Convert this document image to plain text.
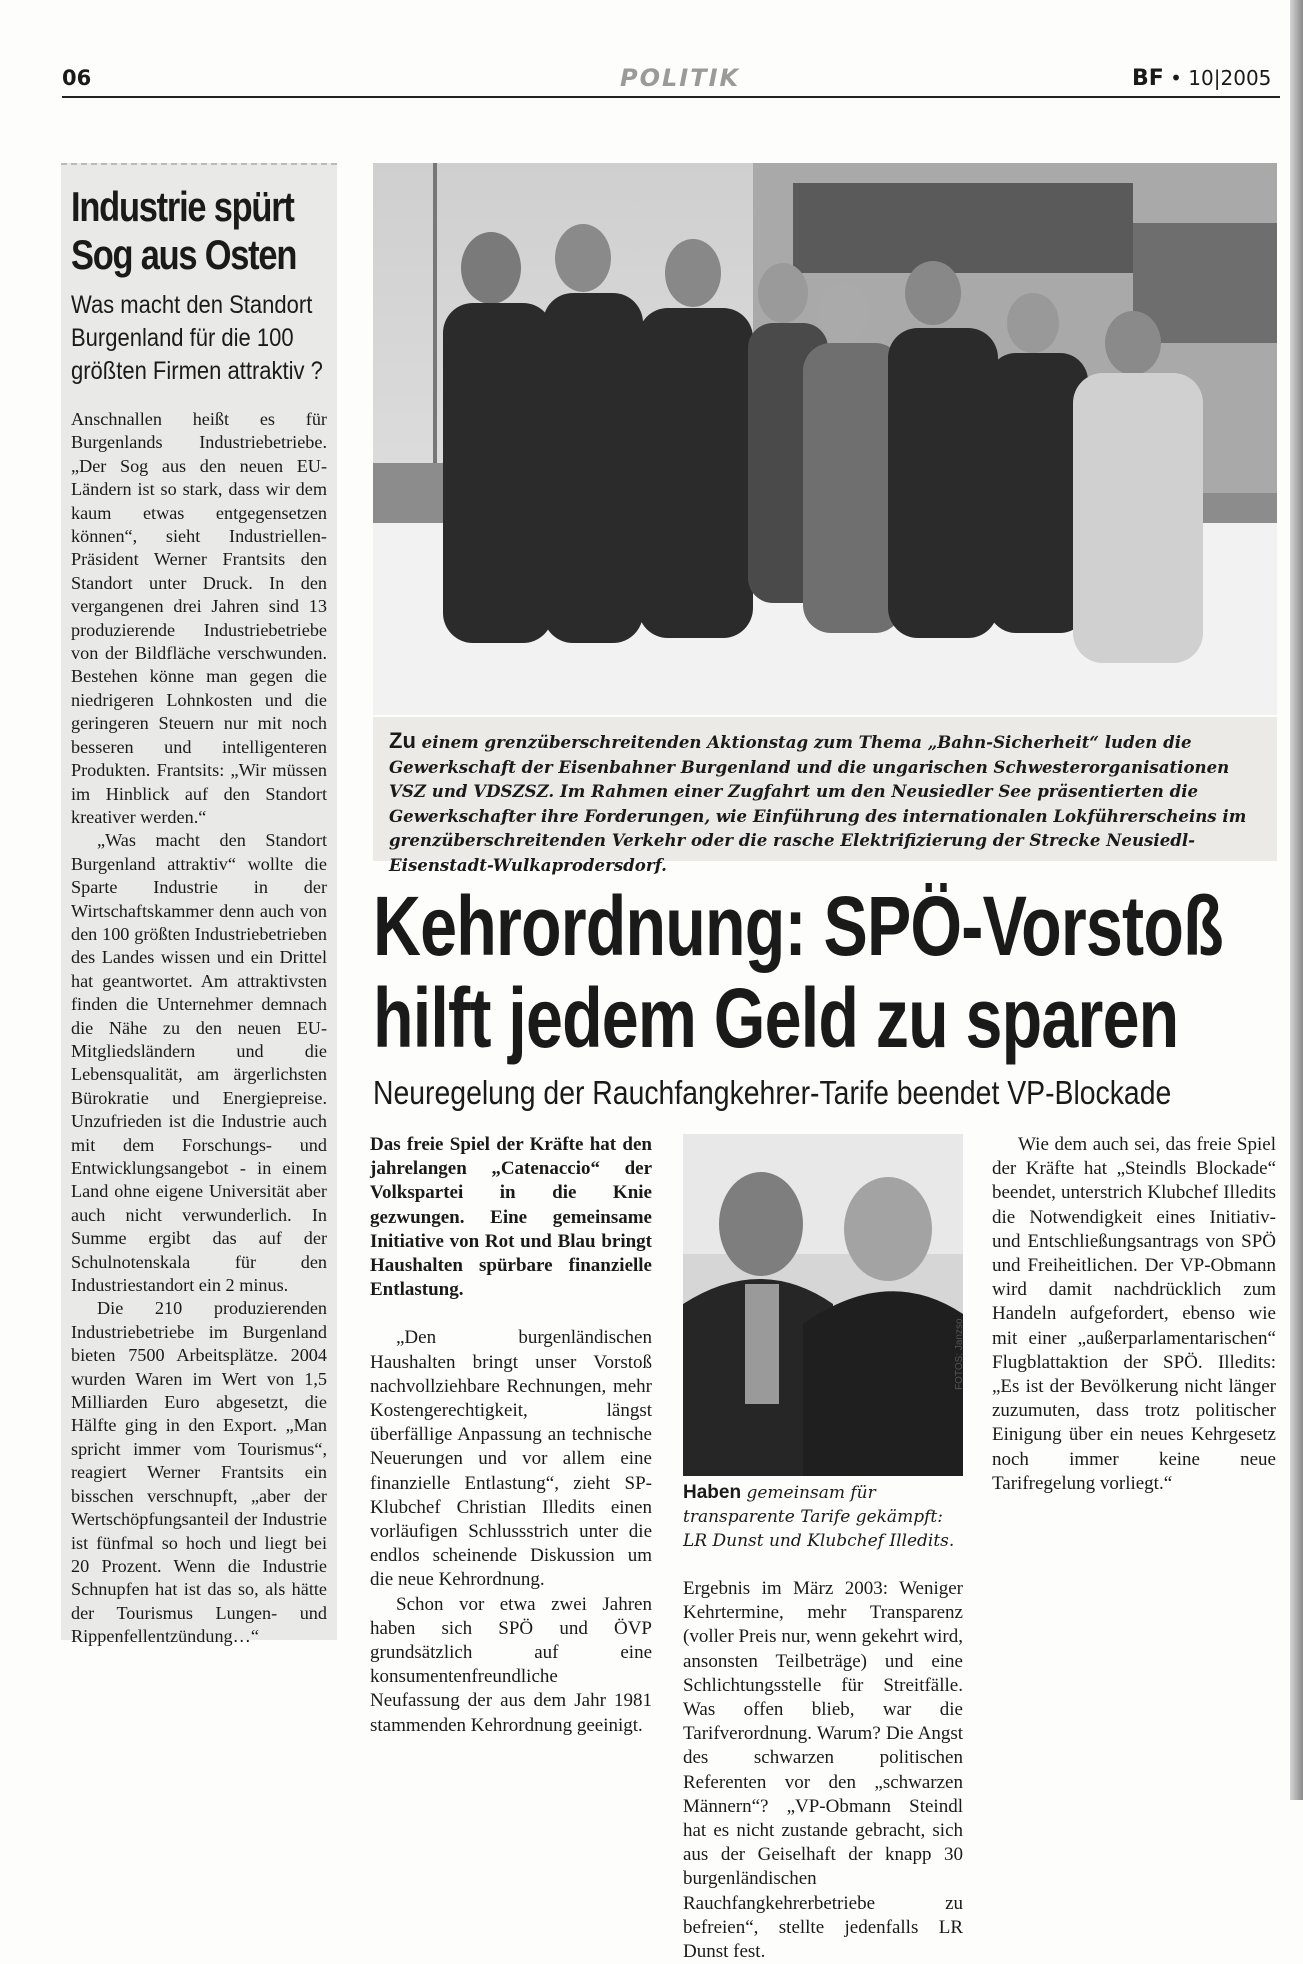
06	POLITIK	BF • 10|2005
Industrie spürt Sog aus Osten
Was macht den Standort Burgenland für die 100 größten Firmen attraktiv ?

Anschnallen heißt es für Burgenlands Industriebetriebe. „Der Sog aus den neuen EU-Ländern ist so stark, dass wir dem kaum etwas entgegensetzen können“, sieht Industriellen-Präsident Werner Frantsits den Standort unter Druck. In den vergangenen drei Jahren sind 13 produzierende Industriebetriebe von der Bildfläche verschwunden. Bestehen könne man gegen die niedrigeren Lohnkosten und die geringeren Steuern nur mit noch besseren und intelligenteren Produkten. Frantsits: „Wir müssen im Hinblick auf den Standort kreativer werden.“

„Was macht den Standort Burgenland attraktiv“ wollte die Sparte Industrie in der Wirtschaftskammer denn auch von den 100 größten Industriebetrieben des Landes wissen und ein Drittel hat geantwortet. Am attraktivsten finden die Unternehmer demnach die Nähe zu den neuen EU-Mitgliedsländern und die Lebensqualität, am ärgerlichsten Bürokratie und Energiepreise. Unzufrieden ist die Industrie auch mit dem Forschungs- und Entwicklungsangebot - in einem Land ohne eigene Universität aber auch nicht verwunderlich. In Summe ergibt das auf der Schulnotenskala für den Industriestandort ein 2 minus.

Die 210 produzierenden Industriebetriebe im Burgenland bieten 7500 Arbeitsplätze. 2004 wurden Waren im Wert von 1,5 Milliarden Euro abgesetzt, die Hälfte ging in den Export. „Man spricht immer vom Tourismus“, reagiert Werner Frantsits ein bisschen verschnupft, „aber der Wertschöpfungsanteil der Industrie ist fünfmal so hoch und liegt bei 20 Prozent. Wenn die Industrie Schnupfen hat ist das so, als hätte der Tourismus Lungen- und Rippenfellentzündung…“

Zu einem grenzüberschreitenden Aktionstag zum Thema „Bahn-Sicherheit“ luden die Gewerkschaft der Eisenbahner Burgenland und die ungarischen Schwesterorganisationen VSZ und VDSZSZ. Im Rahmen einer Zugfahrt um den Neusiedler See präsentierten die Gewerkschafter ihre Forderungen, wie Einführung des internationalen Lokführerscheins im grenzüberschreitenden Verkehr oder die rasche Elektrifizierung der Strecke Neusiedl-Eisenstadt-Wulkaprodersdorf.
Kehrordnung: SPÖ-Vorstoß
hilft jedem Geld zu sparen
Neuregelung der Rauchfangkehrer-Tarife beendet VP-Blockade

Das freie Spiel der Kräfte hat den jahrelangen „Catenaccio“ der Volkspartei in die Knie gezwungen. Eine gemeinsame Initiative von Rot und Blau bringt Haushalten spürbare finanzielle Entlastung.

„Den burgenländischen Haushalten bringt unser Vorstoß nachvollziehbare Rechnungen, mehr Kostengerechtigkeit, längst überfällige Anpassung an technische Neuerungen und vor allem eine finanzielle Entlastung“, zieht SP-Klubchef Christian Illedits einen vorläufigen Schlussstrich unter die endlos scheinende Diskussion um die neue Kehrordnung.

Schon vor etwa zwei Jahren haben sich SPÖ und ÖVP grundsätzlich auf eine konsumentenfreundliche Neufassung der aus dem Jahr 1981 stammenden Kehrordnung geeinigt.

FOTOS: Janzso
Haben gemeinsam für transparente Tarife gekämpft: LR Dunst und Klubchef Illedits.

Ergebnis im März 2003: Weniger Kehrtermine, mehr Transparenz (voller Preis nur, wenn gekehrt wird, ansonsten Teilbeträge) und eine Schlichtungsstelle für Streitfälle. Was offen blieb, war die Tarifverordnung. Warum? Die Angst des schwarzen politischen Referenten vor den „schwarzen Männern“? „VP-Obmann Steindl hat es nicht zustande gebracht, sich aus der Geiselhaft der knapp 30 burgenländischen Rauchfangkehrerbetriebe zu befreien“, stellte jedenfalls LR Dunst fest.

Wie dem auch sei, das freie Spiel der Kräfte hat „Steindls Blockade“ beendet, unterstrich Klubchef Illedits die Notwendigkeit eines Initiativ- und Entschließungsantrags von SPÖ und Freiheitlichen. Der VP-Obmann wird damit nachdrücklich zum Handeln aufgefordert, ebenso wie mit einer „außerparlamentarischen“ Flugblattaktion der SPÖ. Illedits: „Es ist der Bevölkerung nicht länger zuzumuten, dass trotz politischer Einigung über ein neues Kehrgesetz noch immer keine neue Tarifregelung vorliegt.“
